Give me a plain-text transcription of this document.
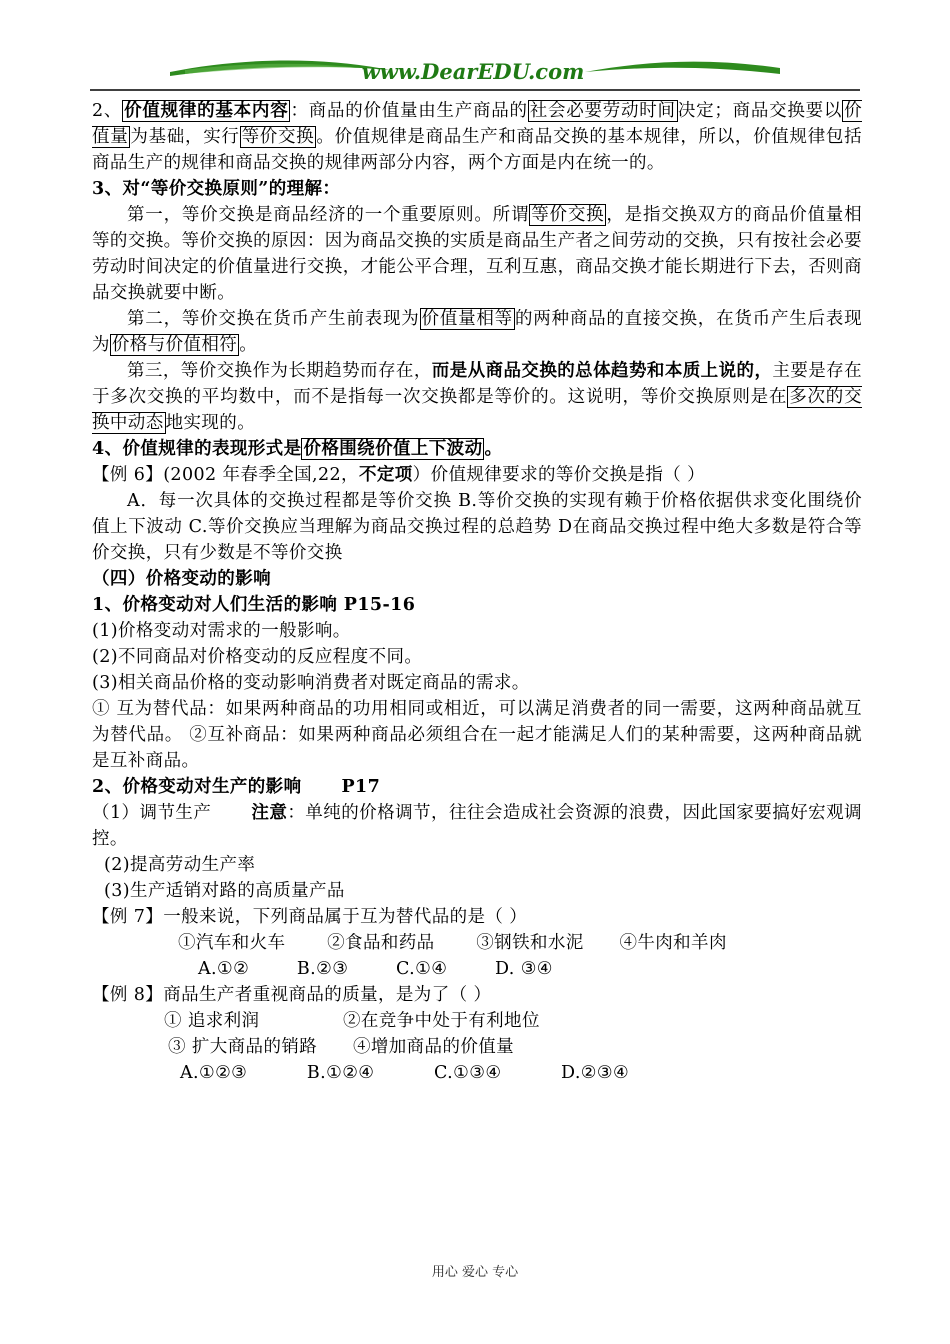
www.DearEDU.com

2、 价值规律的基本内容 ：商品的价值量由生产商品的 社会必要劳动时间 决定；商品交换要以 价值量 为基础，实行 等价交换 。价值规律是商品生产和商品交换的基本规律，所以，价值规律包括商品生产的规律和商品交换的规律两部分内容，两个方面是内在统一的。

3、对“等价交换原则”的理解：

第一，等价交换是商品经济的一个重要原则。所谓 等价交换 ，是指交换双方的商品价值量相等的交换。等价交换的原因：因为商品交换的实质是商品生产者之间劳动的交换，只有按社会必要劳动时间决定的价值量进行交换，才能公平合理，互利互惠，商品交换才能长期进行下去，否则商品交换就要中断。

第二，等价交换在货币产生前表现为 价值量相等 的两种商品的直接交换，在货币产生后表现为 价格与价值相符 。

第三，等价交换作为长期趋势而存在，而是从商品交换的总体趋势和本质上说的，主要是存在于多次交换的平均数中，而不是指每一次交换都是等价的。这说明，等价交换原则是在 多次的交换中动态 地实现的。

4、价值规律的表现形式是 价格围绕价值上下波动 。

【例 6】(2002 年春季全国,22，不定项）价值规律要求的等价交换是指（ ）

A．每一次具体的交换过程都是等价交换 B.等价交换的实现有赖于价格依据供求变化围绕价值上下波动 C.等价交换应当理解为商品交换过程的总趋势 D在商品交换过程中绝大多数是符合等价交换，只有少数是不等价交换

（四）价格变动的影响

1、价格变动对人们生活的影响 P15-16

(1)价格变动对需求的一般影响。

(2)不同商品对价格变动的反应程度不同。

(3)相关商品价格的变动影响消费者对既定商品的需求。

① 互为替代品：如果两种商品的功用相同或相近，可以满足消费者的同一需要，这两种商品就互为替代品。 ②互补商品：如果两种商品必须组合在一起才能满足人们的某种需要，这两种商品就是互补商品。

2、价格变动对生产的影响 P17

（1）调节生产 注意：单纯的价格调节，往往会造成社会资源的浪费，因此国家要搞好宏观调控。

(2)提高劳动生产率

(3)生产适销对路的高质量产品

【例 7】一般来说，下列商品属于互为替代品的是（ ）

①汽车和火车       ②食品和药品       ③钢铁和水泥      ④牛肉和羊肉

A.①②        B.②③        C.①④        D. ③④

【例 8】商品生产者重视商品的质量，是为了（ ）

① 追求利润              ②在竞争中处于有利地位

③ 扩大商品的销路      ④增加商品的价值量

A.①②③          B.①②④          C.①③④          D.②③④

用心 爱心 专心
